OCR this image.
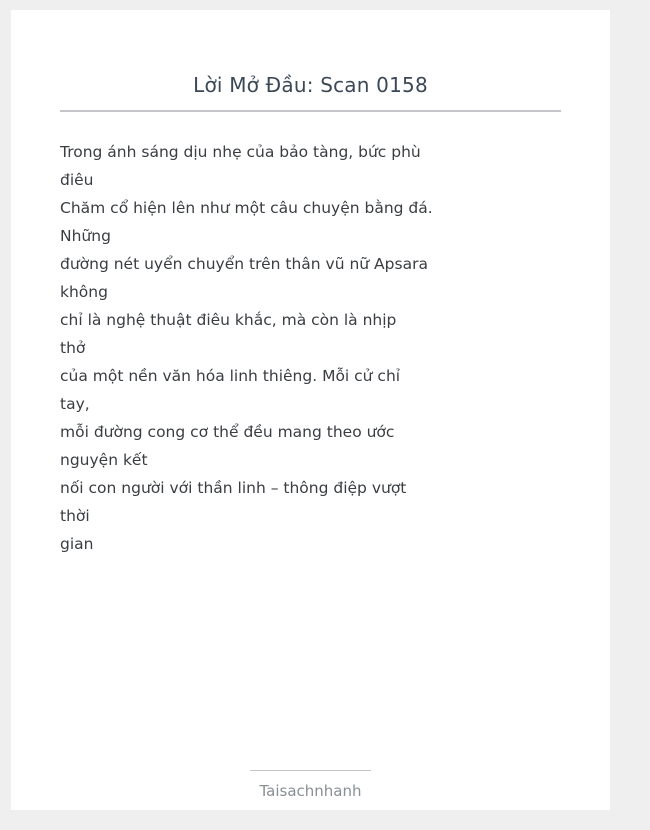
Lời Mở Đầu: Scan 0158
Trong ánh sáng dịu nhẹ của bảo tàng, bức phù
điêu
Chăm cổ hiện lên như một câu chuyện bằng đá.
Những
đường nét uyển chuyển trên thân vũ nữ Apsara
không
chỉ là nghệ thuật điêu khắc, mà còn là nhịp
thở
của một nền văn hóa linh thiêng. Mỗi cử chỉ
tay,
mỗi đường cong cơ thể đều mang theo ước
nguyện kết
nối con người với thần linh – thông điệp vượt
thời
gian
Taisachnhanh
